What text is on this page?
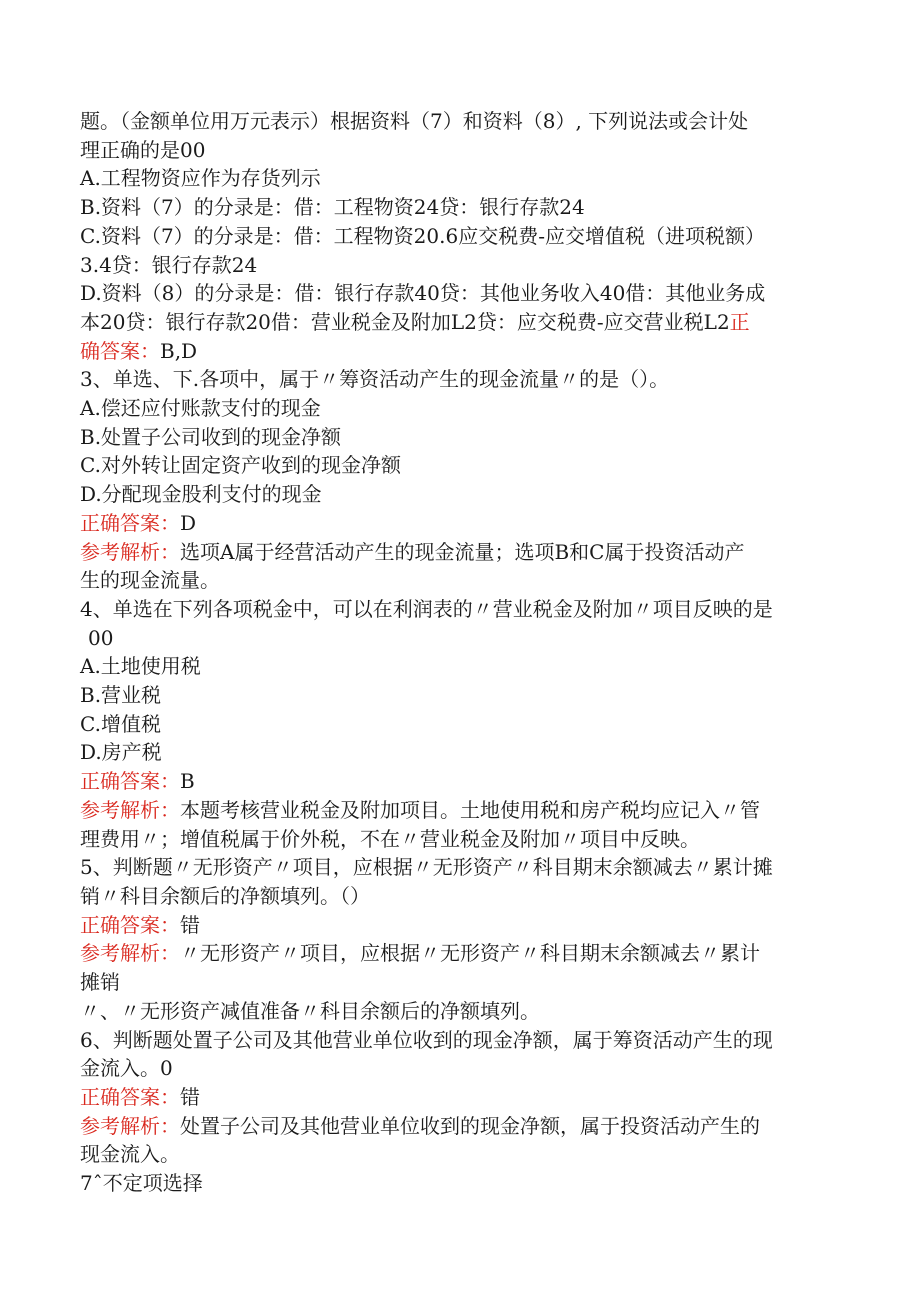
题。（金额单位用万元表示）根据资料（7）和资料（8）, 下列说法或会计处
理正确的是00
A.工程物资应作为存货列示
B.资料（7）的分录是：借：工程物资24贷：银行存款24
C.资料（7）的分录是：借：工程物资20.6应交税费-应交增值税（进项税额）
3.4贷：银行存款24
D.资料（8）的分录是：借：银行存款40贷：其他业务收入40借：其他业务成
本20贷：银行存款20借：营业税金及附加L2贷：应交税费-应交营业税L2正
确答案：B,D
3、单选、下.各项中，属于〃筹资活动产生的现金流量〃的是（）。
A.偿还应付账款支付的现金
B.处置子公司收到的现金净额
C.对外转让固定资产收到的现金净额
D.分配现金股利支付的现金
正确答案：D
参考解析：选项A属于经营活动产生的现金流量；选项B和C属于投资活动产
生的现金流量。
4、单选在下列各项税金中，可以在利润表的〃营业税金及附加〃项目反映的是
00
A.土地使用税
B.营业税
C.增值税
D.房产税
正确答案：B
参考解析：本题考核营业税金及附加项目。土地使用税和房产税均应记入〃管
理费用〃；增值税属于价外税，不在〃营业税金及附加〃项目中反映。
5、判断题〃无形资产〃项目，应根据〃无形资产〃科目期末余额减去〃累计摊
销〃科目余额后的净额填列。（）
正确答案：错
参考解析：〃无形资产〃项目，应根据〃无形资产〃科目期末余额减去〃累计
摊销
〃、〃无形资产减值准备〃科目余额后的净额填列。
6、判断题处置子公司及其他营业单位收到的现金净额，属于筹资活动产生的现
金流入。0
正确答案：错
参考解析：处置子公司及其他营业单位收到的现金净额，属于投资活动产生的
现金流入。
7ˆ不定项选择
